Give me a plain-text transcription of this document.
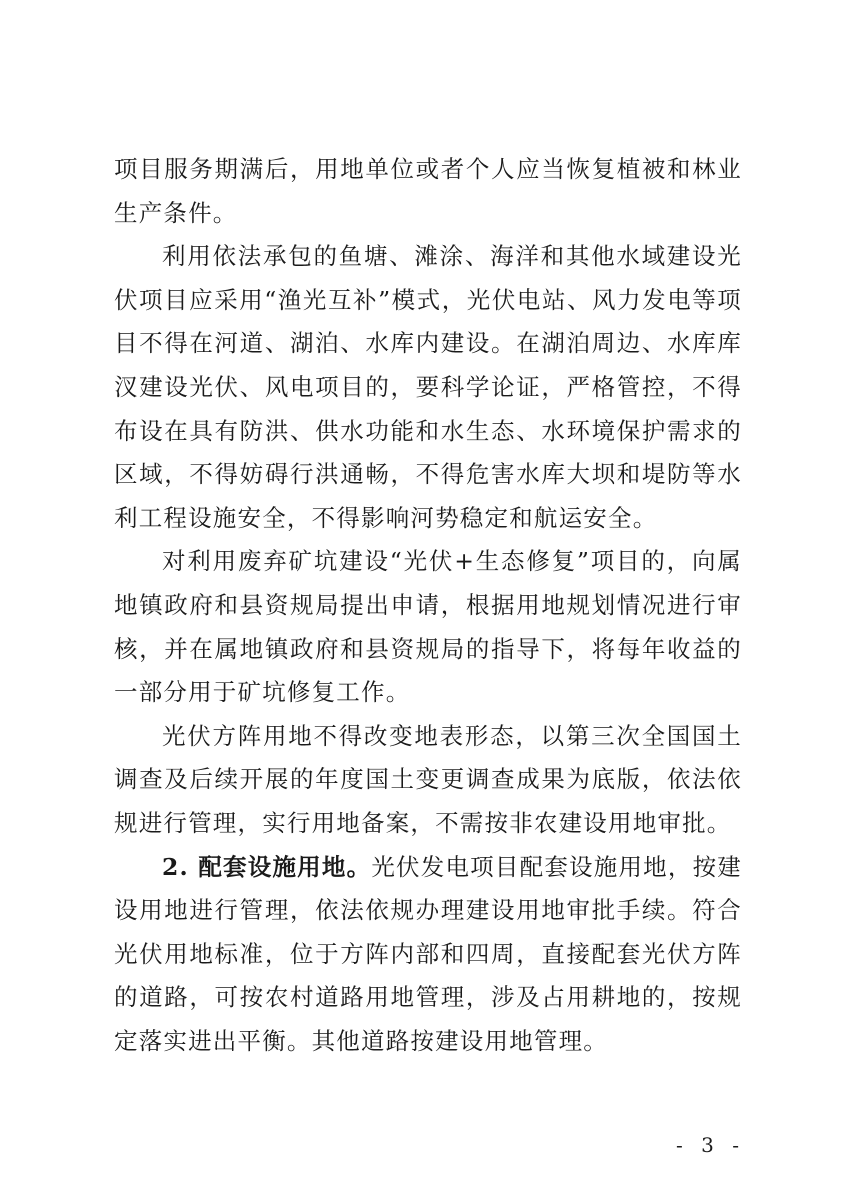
项目服务期满后，用地单位或者个人应当恢复植被和林业生产条件。

利用依法承包的鱼塘、滩涂、海洋和其他水域建设光伏项目应采用“渔光互补”模式，光伏电站、风力发电等项目不得在河道、湖泊、水库内建设。在湖泊周边、水库库汊建设光伏、风电项目的，要科学论证，严格管控，不得布设在具有防洪、供水功能和水生态、水环境保护需求的区域，不得妨碍行洪通畅，不得危害水库大坝和堤防等水利工程设施安全，不得影响河势稳定和航运安全。

对利用废弃矿坑建设“光伏+生态修复”项目的，向属地镇政府和县资规局提出申请，根据用地规划情况进行审核，并在属地镇政府和县资规局的指导下，将每年收益的一部分用于矿坑修复工作。

光伏方阵用地不得改变地表形态，以第三次全国国土调查及后续开展的年度国土变更调查成果为底版，依法依规进行管理，实行用地备案，不需按非农建设用地审批。

2. 配套设施用地。光伏发电项目配套设施用地，按建设用地进行管理，依法依规办理建设用地审批手续。符合光伏用地标准，位于方阵内部和四周，直接配套光伏方阵的道路，可按农村道路用地管理，涉及占用耕地的，按规定落实进出平衡。其他道路按建设用地管理。

- 3 -
